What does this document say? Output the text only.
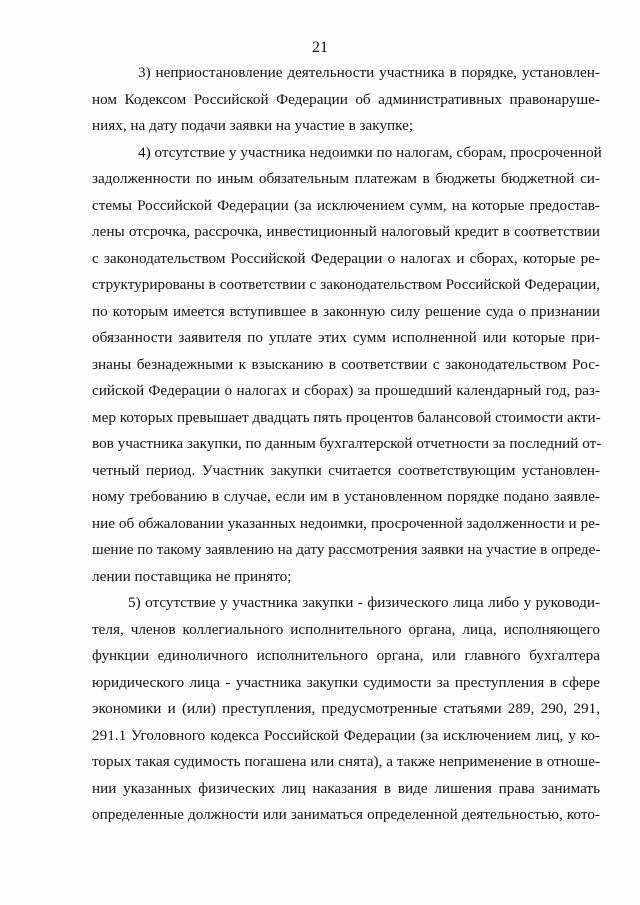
21
3) неприостановление деятельности участника в порядке, установлен-
ном Кодексом Российской Федерации об административных правонаруше-
ниях, на дату подачи заявки на участие в закупке;
4) отсутствие у участника недоимки по налогам, сборам, просроченной
задолженности по иным обязательным платежам в бюджеты бюджетной си-
стемы Российской Федерации (за исключением сумм, на которые предостав-
лены отсрочка, рассрочка, инвестиционный налоговый кредит в соответствии
с законодательством Российской Федерации о налогах и сборах, которые ре-
структурированы в соответствии с законодательством Российской Федерации,
по которым имеется вступившее в законную силу решение суда о признании
обязанности заявителя по уплате этих сумм исполненной или которые при-
знаны безнадежными к взысканию в соответствии с законодательством Рос-
сийской Федерации о налогах и сборах) за прошедший календарный год, раз-
мер которых превышает двадцать пять процентов балансовой стоимости акти-
вов участника закупки, по данным бухгалтерской отчетности за последний от-
четный период. Участник закупки считается соответствующим установлен-
ному требованию в случае, если им в установленном порядке подано заявле-
ние об обжаловании указанных недоимки, просроченной задолженности и ре-
шение по такому заявлению на дату рассмотрения заявки на участие в опреде-
лении поставщика не принято;
5) отсутствие у участника закупки - физического лица либо у руководи-
теля, членов коллегиального исполнительного органа, лица, исполняющего
функции единоличного исполнительного органа, или главного бухгалтера
юридического лица - участника закупки судимости за преступления в сфере
экономики и (или) преступления, предусмотренные статьями 289, 290, 291,
291.1 Уголовного кодекса Российской Федерации (за исключением лиц, у ко-
торых такая судимость погашена или снята), а также неприменение в отноше-
нии указанных физических лиц наказания в виде лишения права занимать
определенные должности или заниматься определенной деятельностью, кото-
